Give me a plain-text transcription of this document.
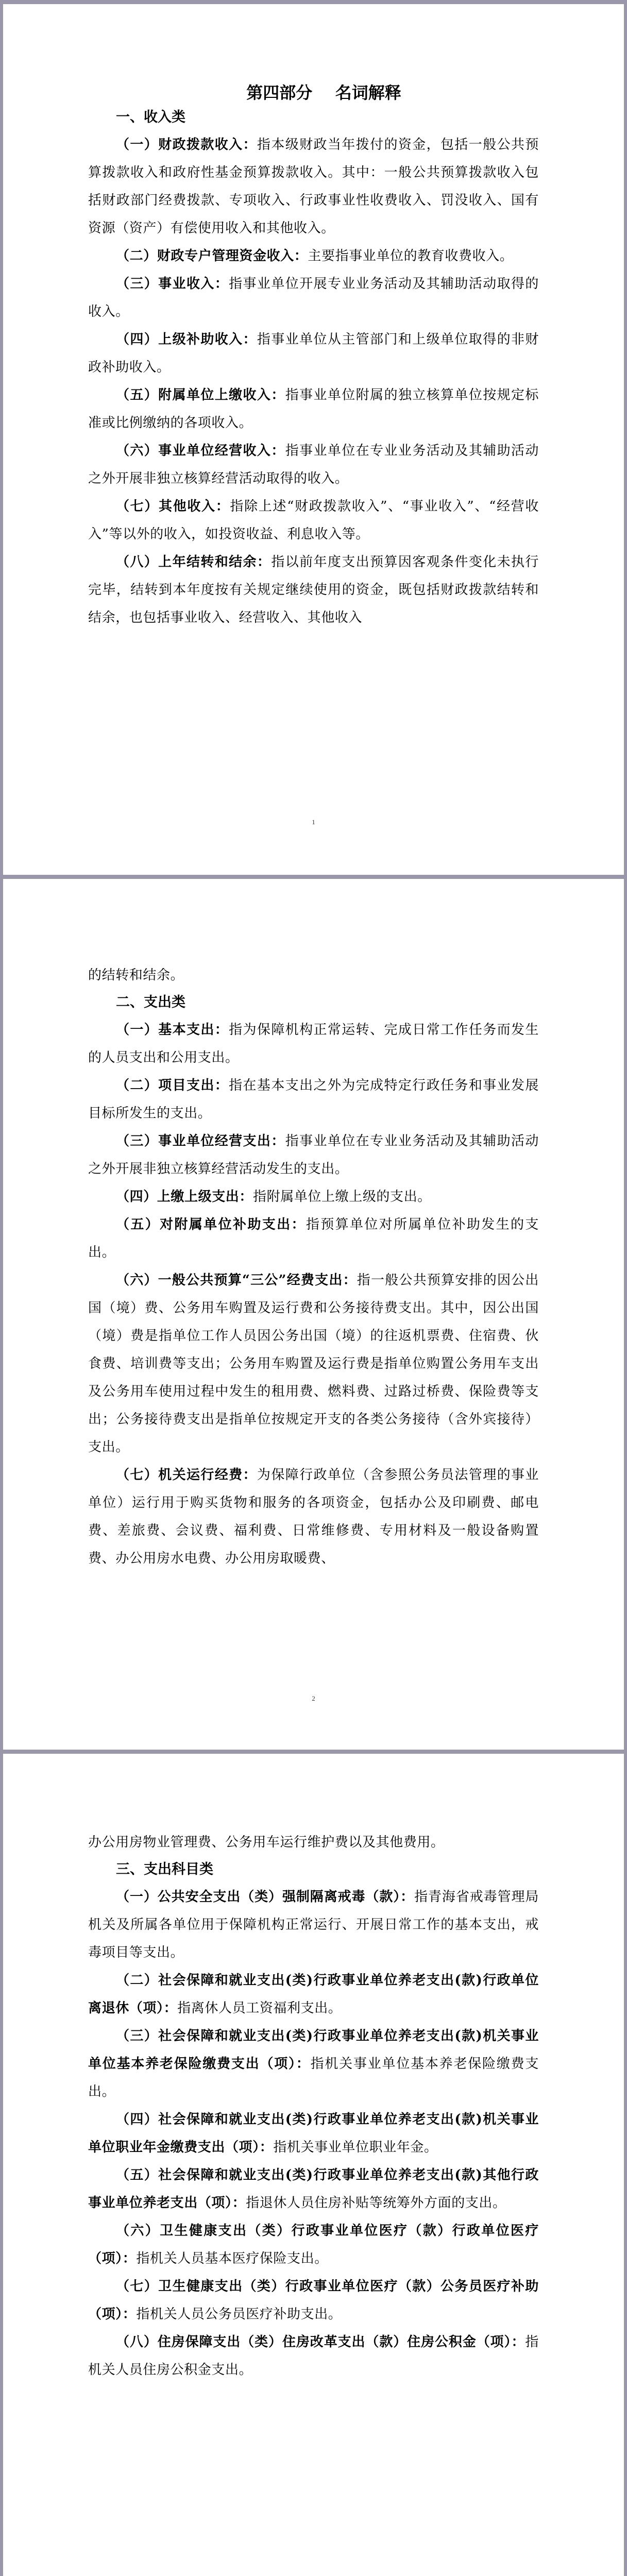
第四部分    名词解释
一、收入类

（一）财政拨款收入：指本级财政当年拨付的资金，包括一般公共预算拨款收入和政府性基金预算拨款收入。其中：一般公共预算拨款收入包括财政部门经费拨款、专项收入、行政事业性收费收入、罚没收入、国有资源（资产）有偿使用收入和其他收入。

（二）财政专户管理资金收入：主要指事业单位的教育收费收入。

（三）事业收入：指事业单位开展专业业务活动及其辅助活动取得的收入。

（四）上级补助收入：指事业单位从主管部门和上级单位取得的非财政补助收入。

（五）附属单位上缴收入：指事业单位附属的独立核算单位按规定标准或比例缴纳的各项收入。

（六）事业单位经营收入：指事业单位在专业业务活动及其辅助活动之外开展非独立核算经营活动取得的收入。

（七）其他收入：指除上述“财政拨款收入”、“事业收入”、“经营收入”等以外的收入，如投资收益、利息收入等。

（八）上年结转和结余：指以前年度支出预算因客观条件变化未执行完毕，结转到本年度按有关规定继续使用的资金，既包括财政拨款结转和结余，也包括事业收入、经营收入、其他收入

1

的结转和结余。

二、支出类

（一）基本支出：指为保障机构正常运转、完成日常工作任务而发生的人员支出和公用支出。

（二）项目支出：指在基本支出之外为完成特定行政任务和事业发展目标所发生的支出。

（三）事业单位经营支出：指事业单位在专业业务活动及其辅助活动之外开展非独立核算经营活动发生的支出。

（四）上缴上级支出：指附属单位上缴上级的支出。

（五）对附属单位补助支出：指预算单位对所属单位补助发生的支出。

（六）一般公共预算“三公”经费支出：指一般公共预算安排的因公出国（境）费、公务用车购置及运行费和公务接待费支出。其中，因公出国（境）费是指单位工作人员因公务出国（境）的往返机票费、住宿费、伙食费、培训费等支出；公务用车购置及运行费是指单位购置公务用车支出及公务用车使用过程中发生的租用费、燃料费、过路过桥费、保险费等支出；公务接待费支出是指单位按规定开支的各类公务接待（含外宾接待）支出。

（七）机关运行经费：为保障行政单位（含参照公务员法管理的事业单位）运行用于购买货物和服务的各项资金，包括办公及印刷费、邮电费、差旅费、会议费、福利费、日常维修费、专用材料及一般设备购置费、办公用房水电费、办公用房取暖费、

2

办公用房物业管理费、公务用车运行维护费以及其他费用。

三、支出科目类

（一）公共安全支出（类）强制隔离戒毒（款）：指青海省戒毒管理局机关及所属各单位用于保障机构正常运行、开展日常工作的基本支出，戒毒项目等支出。

（二）社会保障和就业支出(类)行政事业单位养老支出(款)行政单位离退休（项）：指离休人员工资福利支出。

（三）社会保障和就业支出(类)行政事业单位养老支出(款)机关事业单位基本养老保险缴费支出（项）：指机关事业单位基本养老保险缴费支出。

（四）社会保障和就业支出(类)行政事业单位养老支出(款)机关事业单位职业年金缴费支出（项）：指机关事业单位职业年金。

（五）社会保障和就业支出(类)行政事业单位养老支出(款)其他行政事业单位养老支出（项）：指退休人员住房补贴等统筹外方面的支出。

（六）卫生健康支出（类）行政事业单位医疗（款）行政单位医疗（项）：指机关人员基本医疗保险支出。

（七）卫生健康支出（类）行政事业单位医疗（款）公务员医疗补助（项）：指机关人员公务员医疗补助支出。

（八）住房保障支出（类）住房改革支出（款）住房公积金（项）：指机关人员住房公积金支出。
